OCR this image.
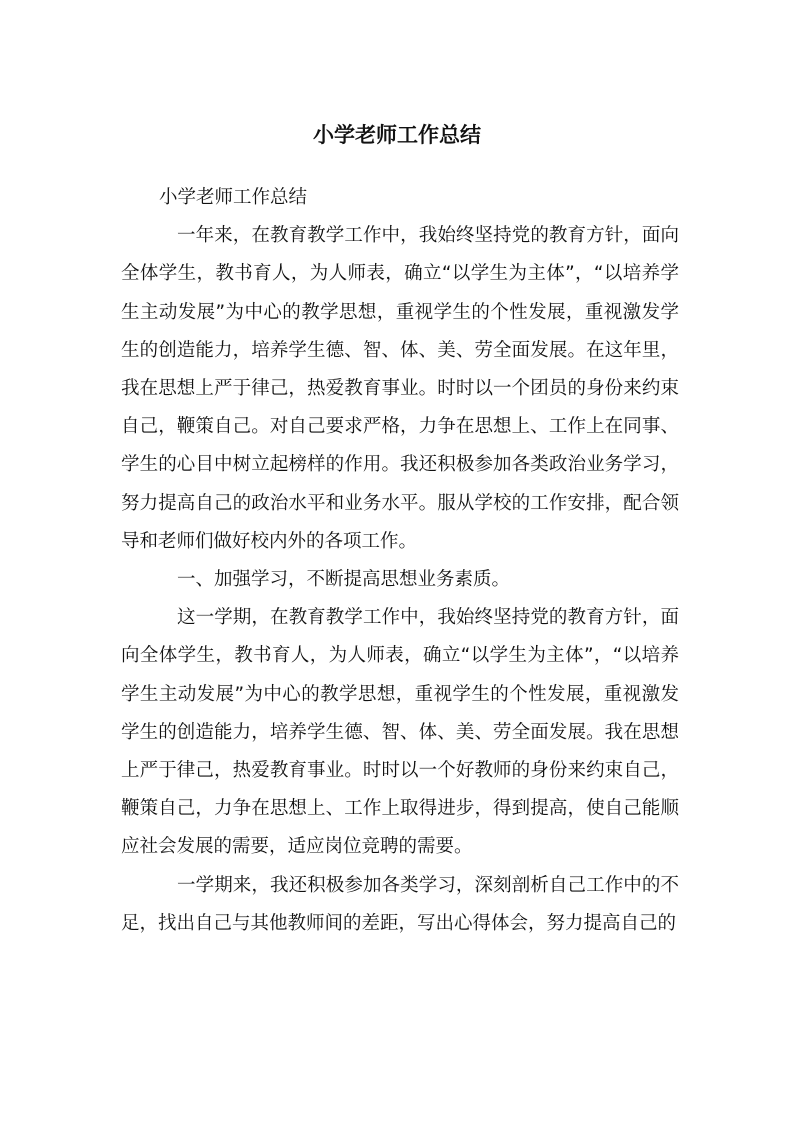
小学老师工作总结

小学老师工作总结

一年来，在教育教学工作中，我始终坚持党的教育方针，面向全体学生，教书育人，为人师表，确立“以学生为主体”，“以培养学生主动发展”为中心的教学思想，重视学生的个性发展，重视激发学生的创造能力，培养学生德、智、体、美、劳全面发展。在这年里，我在思想上严于律己，热爱教育事业。时时以一个团员的身份来约束自己，鞭策自己。对自己要求严格，力争在思想上、工作上在同事、学生的心目中树立起榜样的作用。我还积极参加各类政治业务学习，努力提高自己的政治水平和业务水平。服从学校的工作安排，配合领导和老师们做好校内外的各项工作。

一、加强学习，不断提高思想业务素质。

这一学期，在教育教学工作中，我始终坚持党的教育方针，面向全体学生，教书育人，为人师表，确立“以学生为主体”，“以培养学生主动发展”为中心的教学思想，重视学生的个性发展，重视激发学生的创造能力，培养学生德、智、体、美、劳全面发展。我在思想上严于律己，热爱教育事业。时时以一个好教师的身份来约束自己，鞭策自己，力争在思想上、工作上取得进步，得到提高，使自己能顺应社会发展的需要，适应岗位竞聘的需要。

一学期来，我还积极参加各类学习，深刻剖析自己工作中的不足，找出自己与其他教师间的差距，写出心得体会，努力提高自己的
